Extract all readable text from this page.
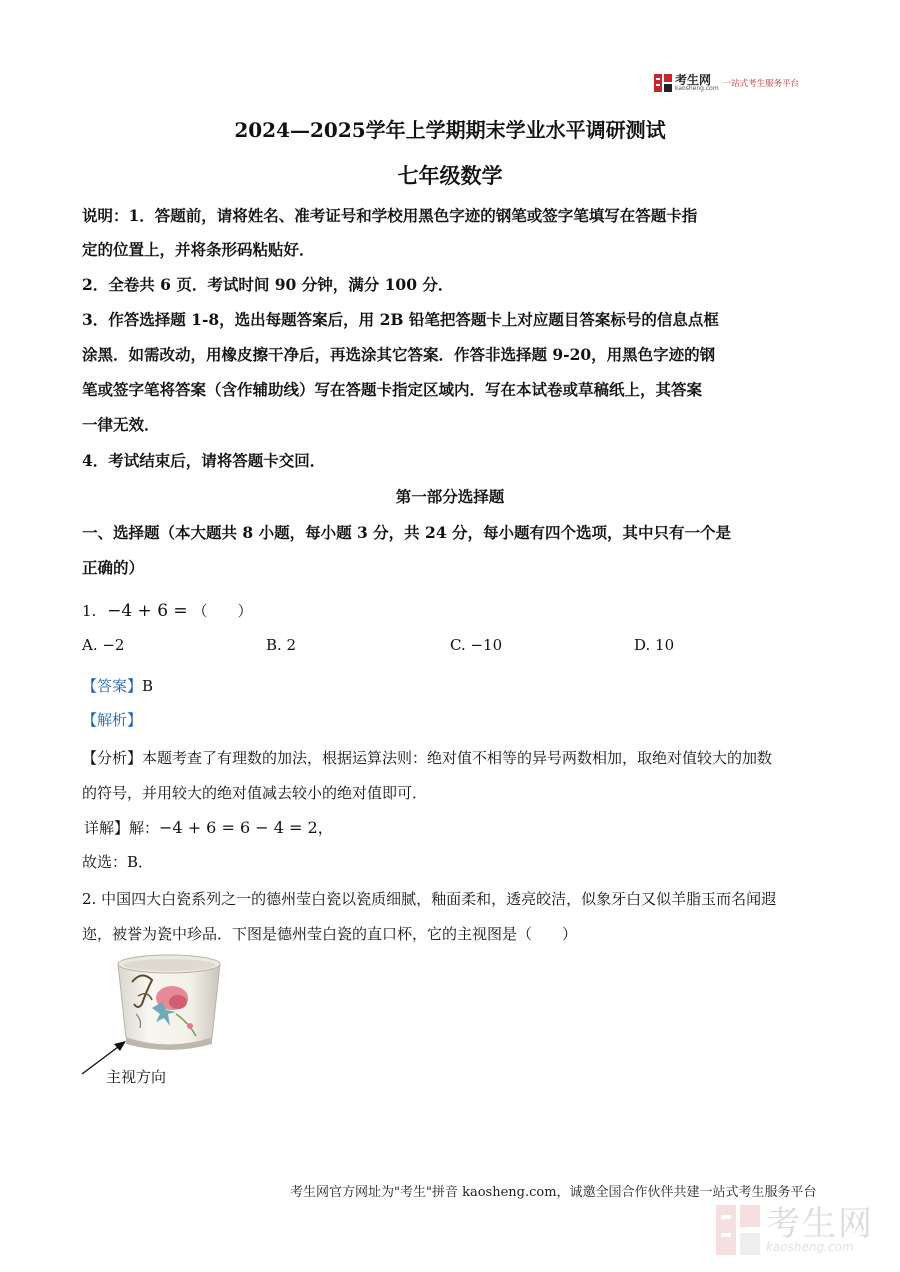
考生网
kaosheng.com 一站式考生服务平台
2024—2025学年上学期期末学业水平调研测试
七年级数学
说明：1．答题前，请将姓名、准考证号和学校用黑色字迹的钢笔或签字笔填写在答题卡指
定的位置上，并将条形码粘贴好．
2．全卷共 6 页．考试时间 90 分钟，满分 100 分．
3．作答选择题 1-8，选出每题答案后，用 2B 铅笔把答题卡上对应题目答案标号的信息点框
涂黑．如需改动，用橡皮擦干净后，再选涂其它答案．作答非选择题 9-20，用黑色字迹的钢
笔或签字笔将答案（含作辅助线）写在答题卡指定区域内．写在本试卷或草稿纸上，其答案
一律无效．
4．考试结束后，请将答题卡交回．
第一部分选择题
一、选择题（本大题共 8 小题，每小题 3 分，共 24 分，每小题有四个选项，其中只有一个是
正确的）
1. −4 + 6 = （　　）
A. −2	B. 2	C. −10	D. 10
【答案】B
【解析】
【分析】本题考查了有理数的加法，根据运算法则：绝对值不相等的异号两数相加，取绝对值较大的加数
的符号，并用较大的绝对值减去较小的绝对值即可．
详解】解：−4 + 6 = 6 − 4 = 2，
故选：B．
2. 中国四大白瓷系列之一的德州莹白瓷以瓷质细腻，釉面柔和，透亮皎洁，似象牙白又似羊脂玉而名闻遐
迩，被誉为瓷中珍品．下图是德州莹白瓷的直口杯，它的主视图是（　　）
主视方向
考生网官方网址为"考生"拼音 kaosheng.com，诚邀全国合作伙伴共建一站式考生服务平台
考生网
kaosheng.com
